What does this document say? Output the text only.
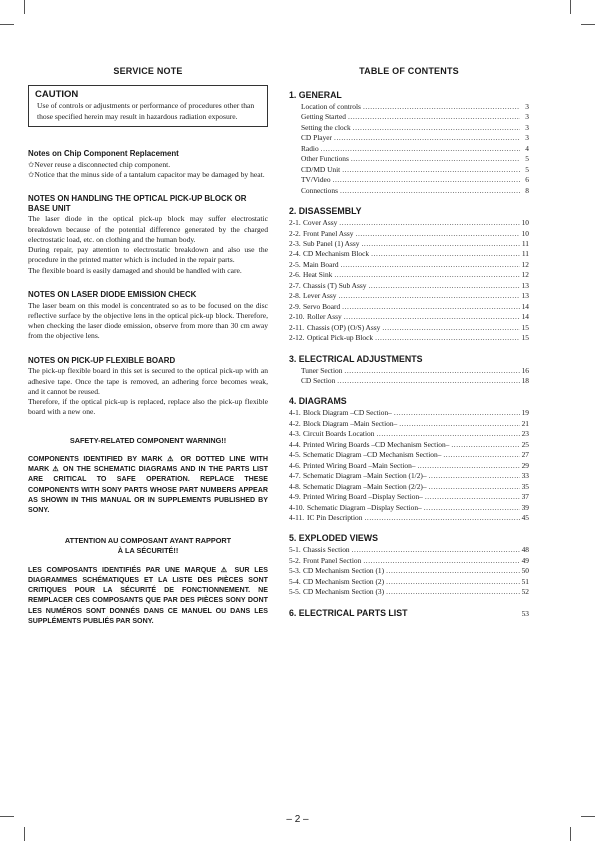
SERVICE NOTE
CAUTION
Use of controls or adjustments or performance of procedures other than those specified herein may result in hazardous radiation exposure.
Notes on Chip Component Replacement

✩Never reuse a disconnected chip component.

✩Notice that the minus side of a tantalum capacitor may be damaged by heat.

NOTES ON HANDLING THE OPTICAL PICK-UP BLOCK OR BASE UNIT

The laser diode in the optical pick-up block may suffer electrostatic breakdown because of the potential difference generated by the charged electrostatic load, etc. on clothing and the human body.

During repair, pay attention to electrostatic breakdown and also use the procedure in the printed matter which is included in the repair parts.

The flexible board is easily damaged and should be handled with care.

NOTES ON LASER DIODE EMISSION CHECK

The laser beam on this model is concentrated so as to be focused on the disc reflective surface by the objective lens in the optical pick-up block. Therefore, when checking the laser diode emission, observe from more than 30 cm away from the objective lens.

NOTES ON PICK-UP FLEXIBLE BOARD

The pick-up flexible board in this set is secured to the optical pick-up with an adhesive tape. Once the tape is removed, an adhering force becomes weak, and it cannot be reused.

Therefore, if the optical pick-up is replaced, replace also the pick-up flexible board with a new one.

SAFETY-RELATED COMPONENT WARNING!!

COMPONENTS IDENTIFIED BY MARK ⚠ OR DOTTED LINE WITH MARK ⚠ ON THE SCHEMATIC DIAGRAMS AND IN THE PARTS LIST ARE CRITICAL TO SAFE OPERATION. REPLACE THESE COMPONENTS WITH SONY PARTS WHOSE PART NUMBERS APPEAR AS SHOWN IN THIS MANUAL OR IN SUPPLEMENTS PUBLISHED BY SONY.

ATTENTION AU COMPOSANT AYANT RAPPORT
À LA SÉCURITÉ!!

LES COMPOSANTS IDENTIFIÉS PAR UNE MARQUE ⚠ SUR LES DIAGRAMMES SCHÉMATIQUES ET LA LISTE DES PIÈCES SONT CRITIQUES POUR LA SÉCURITÉ DE FONCTIONNEMENT. NE REMPLACER CES COMPOSANTS QUE PAR DES PIÈCES SONY DONT LES NUMÉROS SONT DONNÉS DANS CE MANUEL OU DANS LES SUPPLÉMENTS PUBLIÉS PAR SONY.

TABLE OF CONTENTS
1. GENERAL
Location of controls .....	3
Getting Started .....	3
Setting the clock .....	3
CD Player .....	3
Radio .....	4
Other Functions .....	5
CD/MD Unit .....	5
TV/Video .....	6
Connections .....	8
2. DISASSEMBLY
2-1. Cover Assy .....	10
2-2. Front Panel Assy .....	10
2-3. Sub Panel (1) Assy .....	11
2-4. CD Mechanism Block .....	11
2-5. Main Board .....	12
2-6. Heat Sink .....	12
2-7. Chassis (T) Sub Assy .....	13
2-8. Lever Assy .....	13
2-9. Servo Board .....	14
2-10. Roller Assy .....	14
2-11. Chassis (OP) (O/S) Assy .....	15
2-12. Optical Pick-up Block .....	15
3. ELECTRICAL ADJUSTMENTS
Tuner Section .....	16
CD Section .....	18
4. DIAGRAMS
4-1. Block Diagram –CD Section– .....	19
4-2. Block Diagram –Main Section– .....	21
4-3. Circuit Boards Location .....	23
4-4. Printed Wiring Boards –CD Mechanism Section– .....	25
4-5. Schematic Diagram –CD Mechanism Section– .....	27
4-6. Printed Wiring Board –Main Section– .....	29
4-7. Schematic Diagram –Main Section (1/2)– .....	33
4-8. Schematic Diagram –Main Section (2/2)– .....	35
4-9. Printed Wiring Board –Display Section– .....	37
4-10. Schematic Diagram –Display Section– .....	39
4-11. IC Pin Description .....	45
5. EXPLODED VIEWS
5-1. Chassis Section .....	48
5-2. Front Panel Section .....	49
5-3. CD Mechanism Section (1) .....	50
5-4. CD Mechanism Section (2) .....	51
5-5. CD Mechanism Section (3) .....	52
6. ELECTRICAL PARTS LIST	53
– 2 –
